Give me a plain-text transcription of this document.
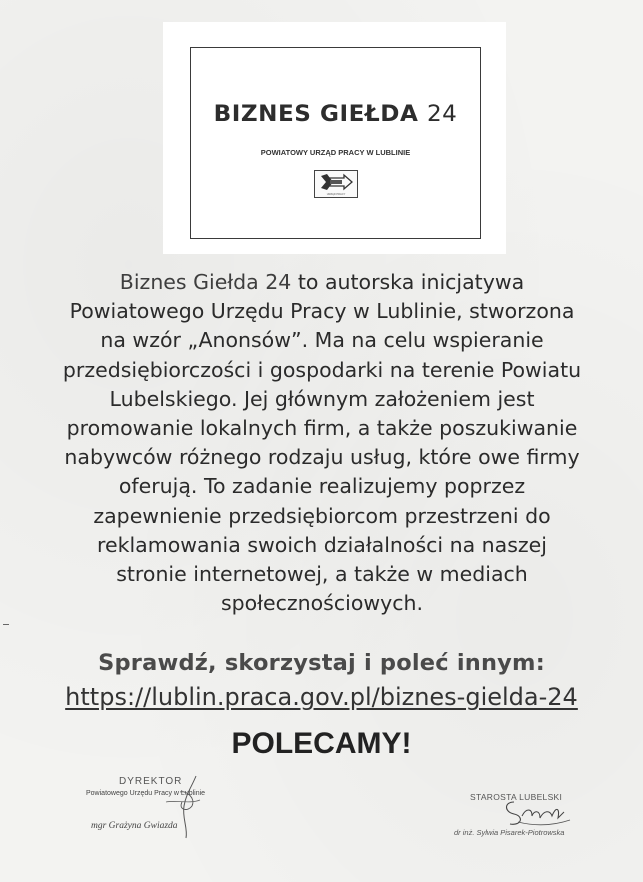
BIZNES GIEŁDA 24
POWIATOWY URZĄD PRACY W LUBLINIE
URZĄD PRACY
Biznes Giełda 24 to autorska inicjatywa
Powiatowego Urzędu Pracy w Lublinie, stworzona
na wzór „Anonsów”. Ma na celu wspieranie
przedsiębiorczości i gospodarki na terenie Powiatu
Lubelskiego. Jej głównym założeniem jest
promowanie lokalnych firm, a także poszukiwanie
nabywców różnego rodzaju usług, które owe firmy
oferują. To zadanie realizujemy poprzez
zapewnienie przedsiębiorcom przestrzeni do
reklamowania swoich działalności na naszej
stronie internetowej, a także w mediach
społecznościowych.
Sprawdź, skorzystaj i poleć innym:
https://lublin.praca.gov.pl/biznes-gielda-24
POLECAMY!
DYREKTOR
Powiatowego Urzędu Pracy w Lublinie
mgr Grażyna Gwiazda
STAROSTA LUBELSKI
dr inż. Sylwia Pisarek-Piotrowska
